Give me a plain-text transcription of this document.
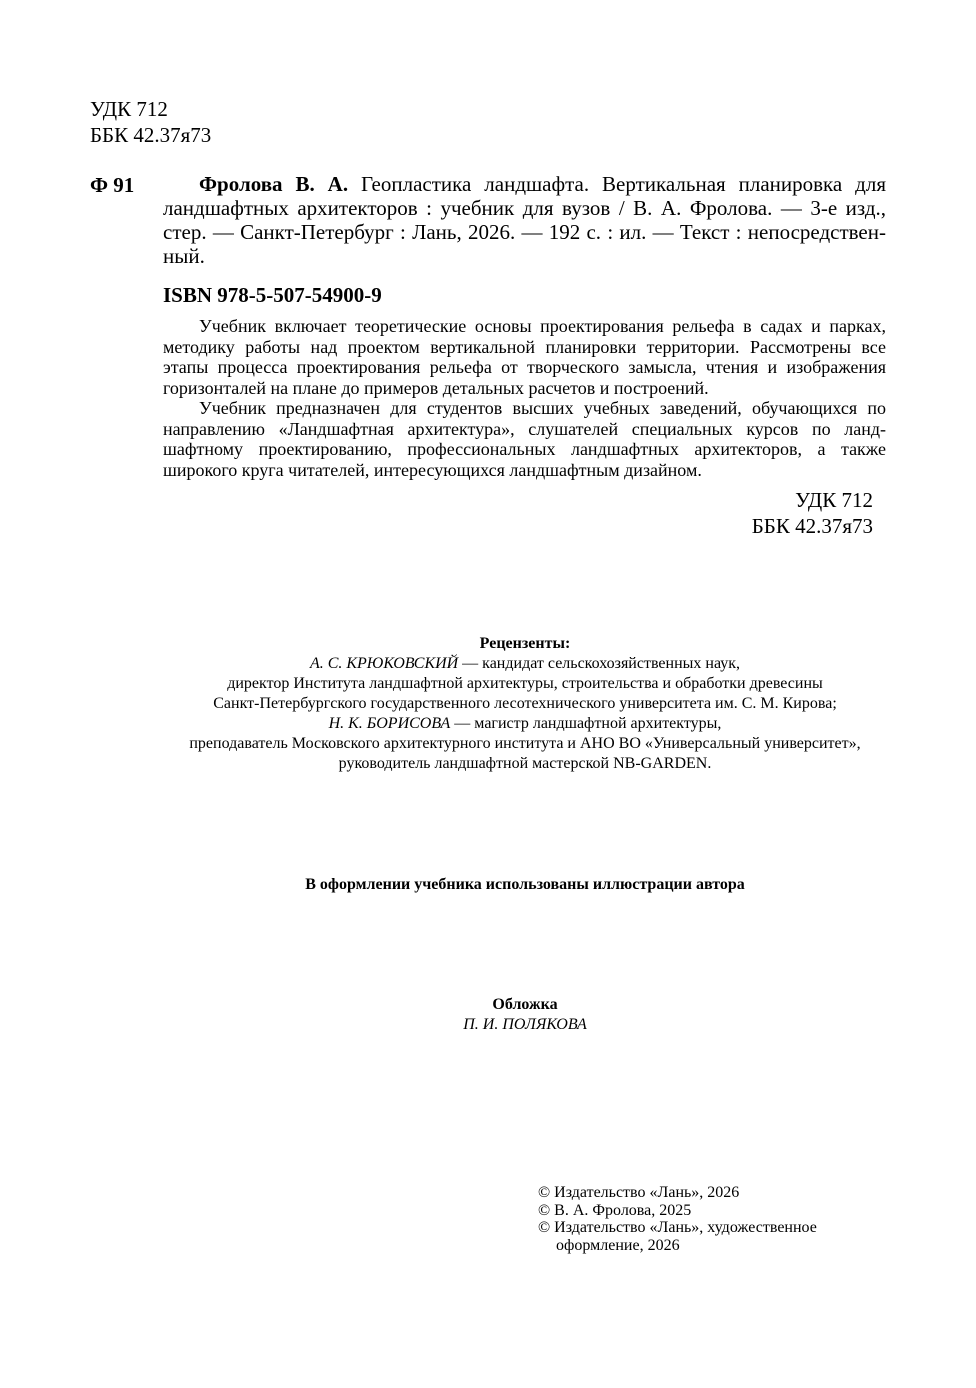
УДК 712
ББК 42.37я73
Ф 91	Фролова В. А. Геопластика ландшафта. Вертикальная планировка для ландшафтных архитекторов : учебник для вузов / В. А. Фролова. — 3-е изд., стер. — Санкт-Петербург : Лань, 2026. — 192 с. : ил. — Текст : непосредственный.
ISBN 978-5-507-54900-9

Учебник включает теоретические основы проектирования рельефа в садах и парках, методику работы над проектом вертикальной планировки территории. Рассмотрены все этапы процесса проектирования рельефа от творческого замысла, чтения и изображения горизонталей на плане до примеров детальных расчетов и построений.

Учебник предназначен для студентов высших учебных заведений, обучающихся по направлению «Ландшафтная архитектура», слушателей специальных курсов по ландшафтному проектированию, профессиональных ландшафтных архитекторов, а также широкого круга читателей, интересующихся ландшафтным дизайном.

УДК 712
ББК 42.37я73
Рецензенты:
А. С. КРЮКОВСКИЙ — кандидат сельскохозяйственных наук,
директор Института ландшафтной архитектуры, строительства и обработки древесины
Санкт-Петербургского государственного лесотехнического университета им. С. М. Кирова;
Н. К. БОРИСОВА — магистр ландшафтной архитектуры,
преподаватель Московского архитектурного института и АНО ВО «Универсальный университет»,
руководитель ландшафтной мастерской NB-GARDEN.
В оформлении учебника использованы иллюстрации автора
Обложка
П. И. ПОЛЯКОВА
© Издательство «Лань», 2026
© В. А. Фролова, 2025
© Издательство «Лань», художественное
оформление, 2026
